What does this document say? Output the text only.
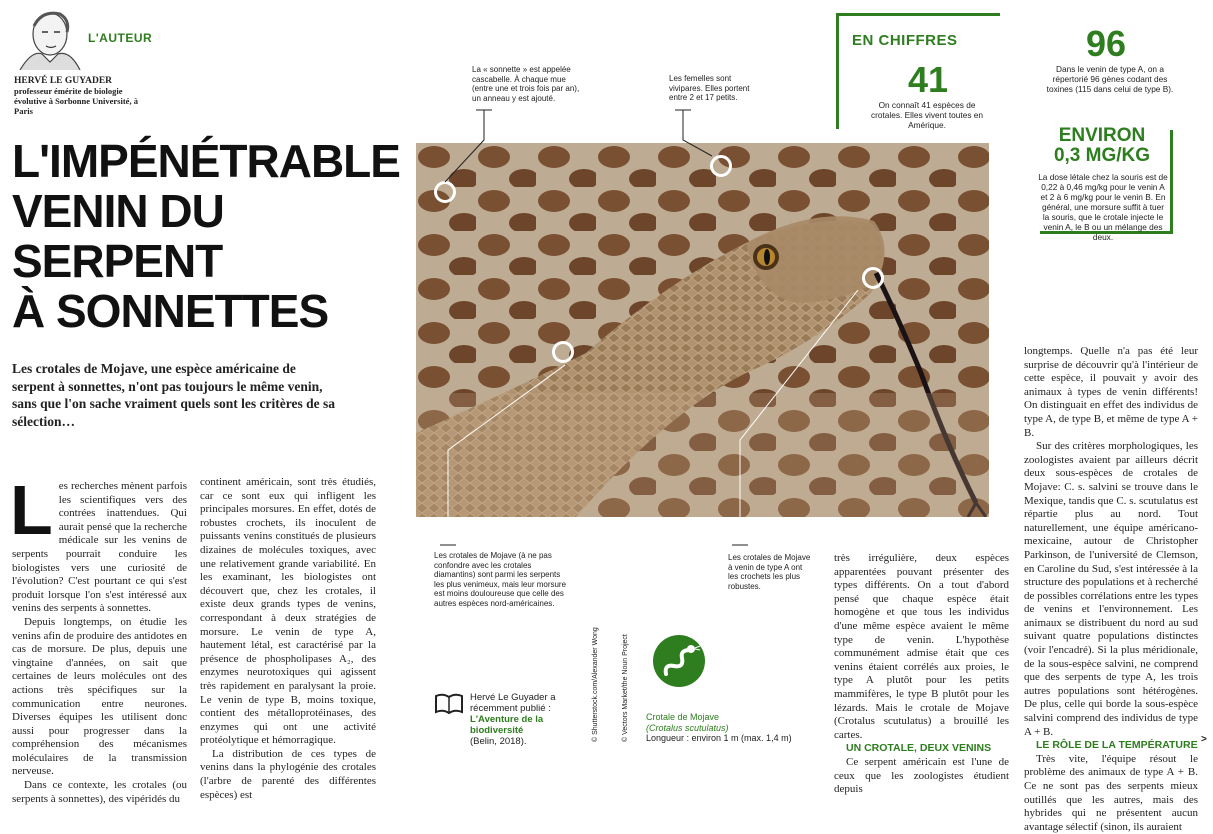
L'AUTEUR
HERVÉ LE GUYADER
professeur émérite de biologie évolutive à Sorbonne Université, à Paris
L'IMPÉNÉTRABLE
VENIN DU
SERPENT
À SONNETTES
Les crotales de Mojave, une espèce américaine de serpent à sonnettes, n'ont pas toujours le même venin, sans que l'on sache vraiment quels sont les critères de sa sélection…
L es recherches mènent parfois les scientifiques vers des contrées inattendues. Qui aurait pensé que la recherche médicale sur les venins de serpents pourrait conduire les biologistes vers une curiosité de l'évolution? C'est pourtant ce qui s'est produit lorsque l'on s'est intéressé aux venins des serpents à sonnettes.

Depuis longtemps, on étudie les venins afin de produire des antidotes en cas de morsure. De plus, depuis une vingtaine d'années, on sait que certaines de leurs molécules ont des actions très spécifiques sur la communication entre neurones. Diverses équipes les utilisent donc aussi pour progresser dans la compréhension des mécanismes moléculaires de la transmission nerveuse.

Dans ce contexte, les crotales (ou serpents à sonnettes), des vipéridés du

continent américain, sont très étudiés, car ce sont eux qui infligent les principales morsures. En effet, dotés de robustes crochets, ils inoculent de puissants venins constitués de plusieurs dizaines de molécules toxiques, avec une relativement grande variabilité. En les examinant, les biologistes ont découvert que, chez les crotales, il existe deux grands types de venins, correspondant à deux stratégies de morsure. Le venin de type A, hautement létal, est caractérisé par la présence de phospholipases A₂, des enzymes neurotoxiques qui agissent très rapidement en paralysant la proie. Le venin de type B, moins toxique, contient des métalloprotéinases, des enzymes qui ont une activité protéolytique et hémorragique.

La distribution de ces types de venins dans la phylogénie des crotales (l'arbre de parenté des différentes espèces) est

La « sonnette » est appelée cascabelle. À chaque mue (entre une et trois fois par an), un anneau y est ajouté.
Les femelles sont vivipares. Elles portent entre 2 et 17 petits.
Les crotales de Mojave (à ne pas confondre avec les crotales diamantins) sont parmi les serpents les plus venimeux, mais leur morsure est moins douloureuse que celle des autres espèces nord-américaines.
Les crotales de Mojave à venin de type A ont les crochets les plus robustes.
© Shutterstock.com/Alexander Wong	© Vectors Market/the Noun Project
Hervé Le Guyader a récemment publié :
L'Aventure de la biodiversité
(Belin, 2018).
Crotale de Mojave
(Crotalus scutulatus)
Longueur : environ 1 m (max. 1,4 m)

très irrégulière, deux espèces apparentées pouvant présenter des types différents. On a tout d'abord pensé que chaque espèce était homogène et que tous les individus d'une même espèce avaient le même type de venin. L'hypothèse communément admise était que ces venins étaient corrélés aux proies, le type A plutôt pour les petits mammifères, le type B plutôt pour les lézards. Mais le crotale de Mojave (Crotalus scutulatus) a brouillé les cartes.

UN CROTALE, DEUX VENINS

Ce serpent américain est l'une de ceux que les zoologistes étudient depuis

longtemps. Quelle n'a pas été leur surprise de découvrir qu'à l'intérieur de cette espèce, il pouvait y avoir des animaux à types de venin différents! On distinguait en effet des individus de type A, de type B, et même de type A + B.

Sur des critères morphologiques, les zoologistes avaient par ailleurs décrit deux sous-espèces de crotales de Mojave: C. s. salvini se trouve dans le Mexique, tandis que C. s. scutulatus est répartie plus au nord. Tout naturellement, une équipe américano-mexicaine, autour de Christopher Parkinson, de l'université de Clemson, en Caroline du Sud, s'est intéressée à la structure des populations et à recherché de possibles corrélations entre les types de venins et l'environnement. Les animaux se distribuent du nord au sud suivant quatre populations distinctes (voir l'encadré). Si la plus méridionale, de la sous-espèce salvini, ne comprend que des serpents de type A, les trois autres populations sont hétérogènes. De plus, celle qui borde la sous-espèce salvini comprend des individus de type A + B.

LE RÔLE DE LA TEMPÉRATURE

Très vite, l'équipe résout le problème des animaux de type A + B. Ce ne sont pas des serpents mieux outillés que les autres, mais des hybrides qui ne présentent aucun avantage sélectif (sinon, ils auraient

>
EN CHIFFRES
41
On connaît 41 espèces de crotales. Elles vivent toutes en Amérique.
96
Dans le venin de type A, on a répertorié 96 gènes codant des toxines (115 dans celui de type B).
ENVIRON
0,3 MG/KG
La dose létale chez la souris est de 0,22 à 0,46 mg/kg pour le venin A et 2 à 6 mg/kg pour le venin B. En général, une morsure suffit à tuer la souris, que le crotale injecte le venin A, le B ou un mélange des deux.
